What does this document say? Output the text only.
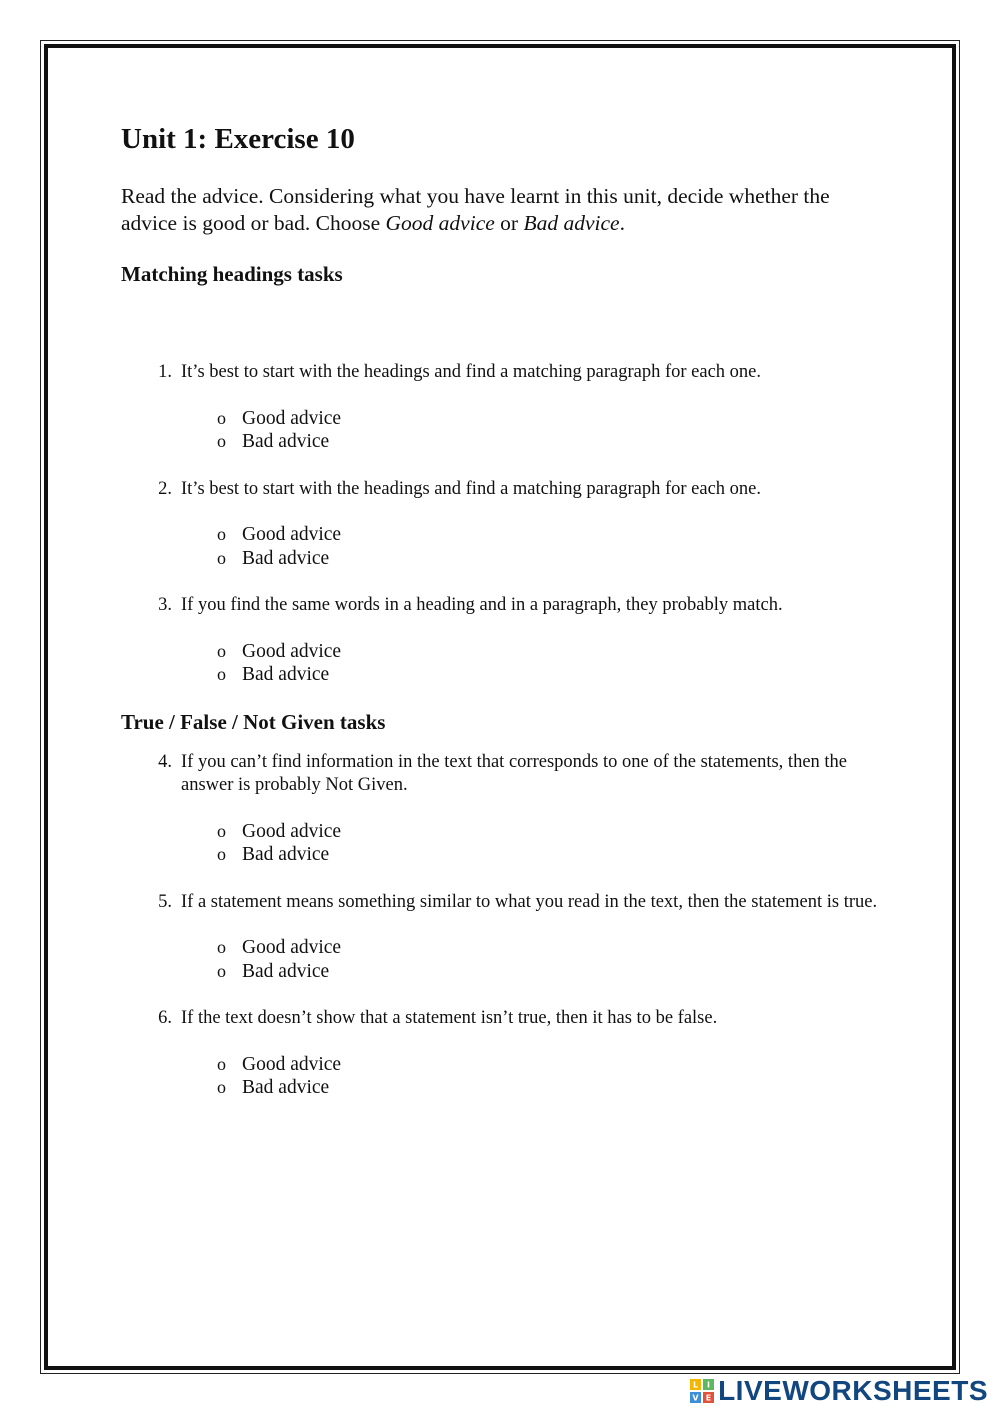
Unit 1: Exercise 10

Read the advice. Considering what you have learnt in this unit, decide whether the advice is good or bad. Choose Good advice or Bad advice.

Matching headings tasks
1. It’s best to start with the headings and find a matching paragraph for each one.
o Good advice
o Bad advice
2. It’s best to start with the headings and find a matching paragraph for each one.
o Good advice
o Bad advice
3. If you find the same words in a heading and in a paragraph, they probably match.
o Good advice
o Bad advice
True / False / Not Given tasks
4. If you can’t find information in the text that corresponds to one of the statements, then the answer is probably Not Given.
o Good advice
o Bad advice
5. If a statement means something similar to what you read in the text, then the statement is true.
o Good advice
o Bad advice
6. If the text doesn’t show that a statement isn’t true, then it has to be false.
o Good advice
o Bad advice
L I
V E LIVEWORKSHEETS
